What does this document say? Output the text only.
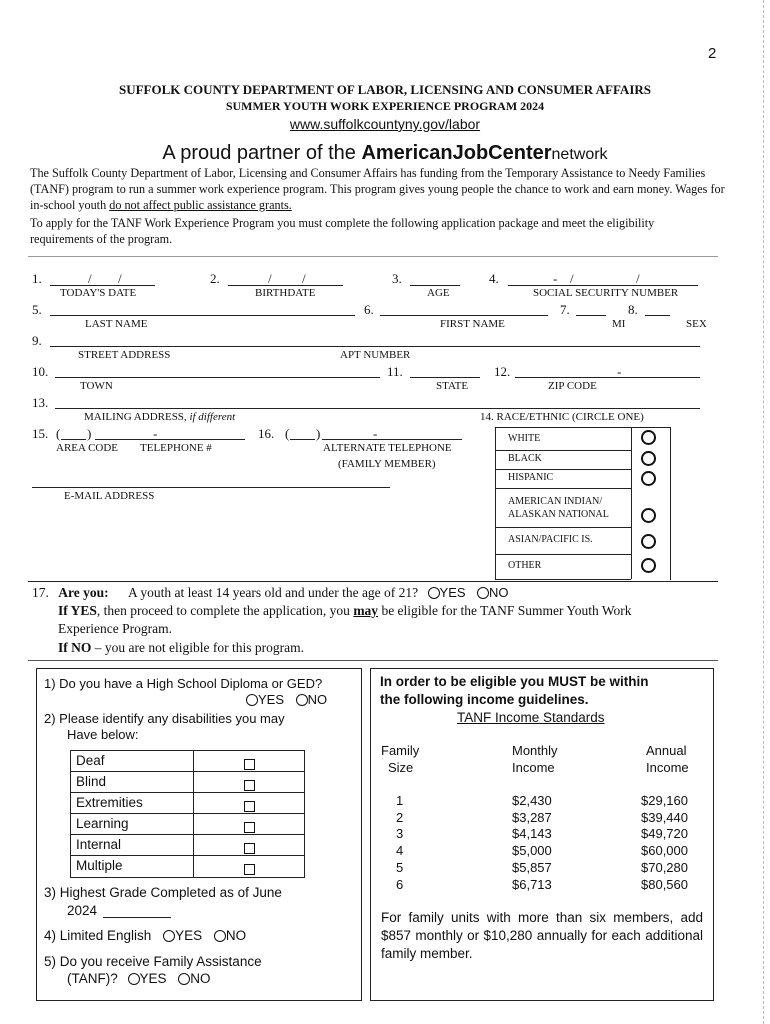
2
SUFFOLK COUNTY DEPARTMENT OF LABOR, LICENSING AND CONSUMER AFFAIRS
SUMMER YOUTH WORK EXPERIENCE PROGRAM 2024
www.suffolkcountyny.gov/labor
A proud partner of the AmericanJobCenternetwork
The Suffolk County Department of Labor, Licensing and Consumer Affairs has funding from the Temporary Assistance to Needy Families (TANF) program to run a summer work experience program. This program gives young people the chance to work and earn money. Wages for in-school youth do not affect public assistance grants.
To apply for the TANF Work Experience Program you must complete the following application package and meet the eligibility requirements of the program.
1.	/ /
TODAY'S DATE
2.	/ /
BIRTHDATE
3.
AGE
4.	- /	/
SOCIAL SECURITY NUMBER
5.
LAST NAME
6.
FIRST NAME
7.
MI
8.
SEX
9.
STREET ADDRESS	APT NUMBER
10.
TOWN
11.
STATE
12.	-
ZIP CODE
13.
MAILING ADDRESS, if different	14. RACE/ETHNIC (CIRCLE ONE)
15. ( )	-
AREA CODE TELEPHONE #
16. ( )	-
ALTERNATE TELEPHONE
(FAMILY MEMBER)
E-MAIL ADDRESS
WHITE
BLACK
HISPANIC
AMERICAN INDIAN/
ALASKAN NATIONAL
ASIAN/PACIFIC IS.
OTHER
17. Are you: A youth at least 14 years old and under the age of 21? YES NO
If YES, then proceed to complete the application, you may be eligible for the TANF Summer Youth Work
Experience Program.
If NO – you are not eligible for this program.
1) Do you have a High School Diploma or GED?
YES NO
2) Please identify any disabilities you may
Have below:
Deaf
Blind
Extremities
Learning
Internal
Multiple
3) Highest Grade Completed as of June
2024
4) Limited English YES NO
5) Do you receive Family Assistance
(TANF)? YES NO
In order to be eligible you MUST be within
the following income guidelines.
TANF Income Standards
Family
Size
Monthly
Income
Annual
Income
1	$2,430	$29,160
2	$3,287	$39,440
3	$4,143	$49,720
4	$5,000	$60,000
5	$5,857	$70,280
6	$6,713	$80,560
For family units with more than six members, add $857 monthly or $10,280 annually for each additional family member.
